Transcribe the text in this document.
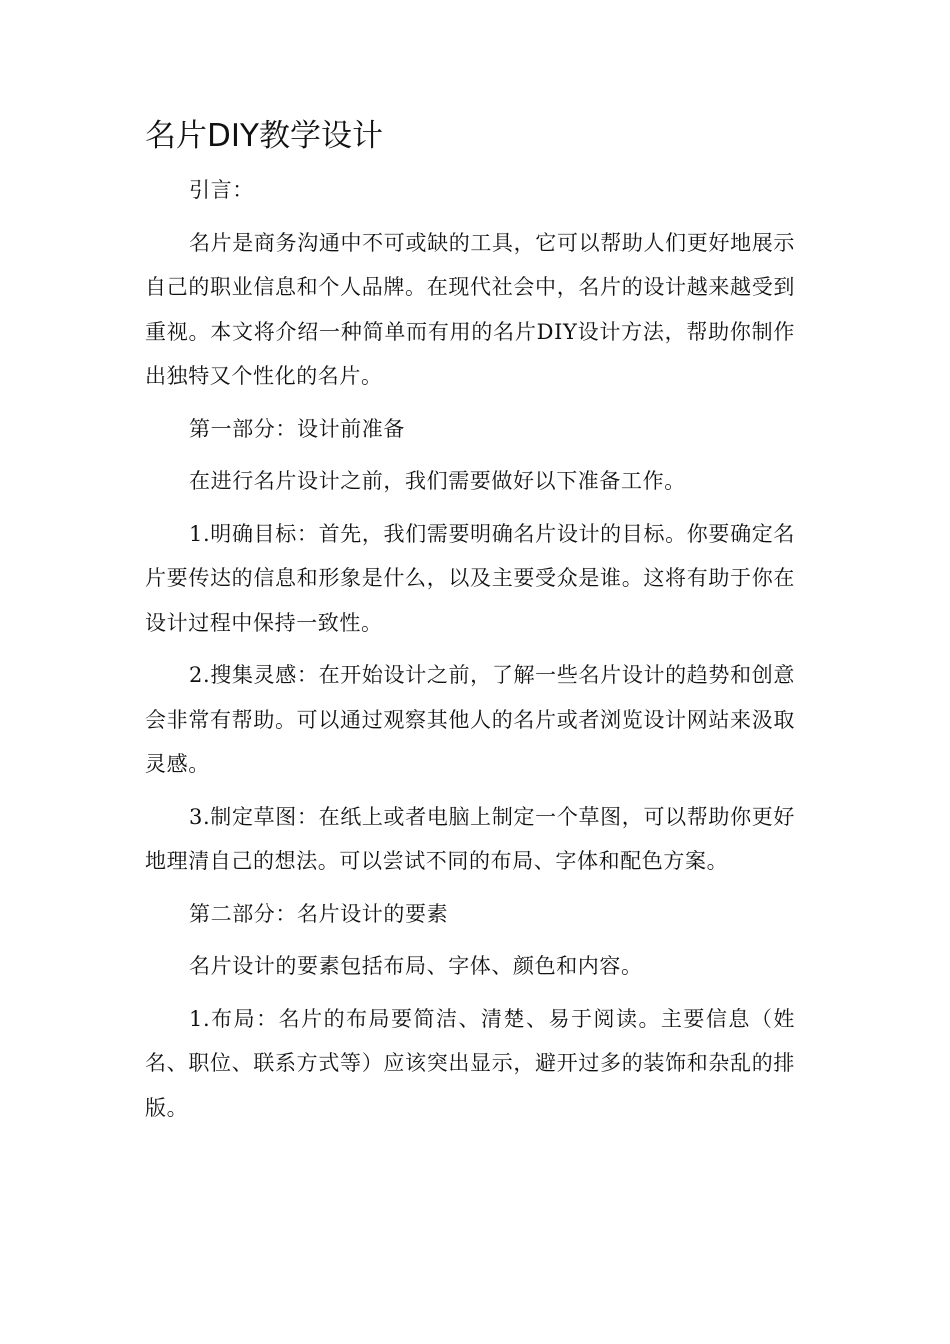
名片DIY教学设计

引言：

名片是商务沟通中不可或缺的工具，它可以帮助人们更好地展示自己的职业信息和个人品牌。在现代社会中，名片的设计越来越受到重视。本文将介绍一种简单而有用的名片DIY设计方法，帮助你制作出独特又个性化的名片。

第一部分：设计前准备

在进行名片设计之前，我们需要做好以下准备工作。

1.明确目标：首先，我们需要明确名片设计的目标。你要确定名片要传达的信息和形象是什么，以及主要受众是谁。这将有助于你在设计过程中保持一致性。

2.搜集灵感：在开始设计之前，了解一些名片设计的趋势和创意会非常有帮助。可以通过观察其他人的名片或者浏览设计网站来汲取灵感。

3.制定草图：在纸上或者电脑上制定一个草图，可以帮助你更好地理清自己的想法。可以尝试不同的布局、字体和配色方案。

第二部分：名片设计的要素

名片设计的要素包括布局、字体、颜色和内容。

1.布局：名片的布局要简洁、清楚、易于阅读。主要信息（姓名、职位、联系方式等）应该突出显示，避开过多的装饰和杂乱的排版。
